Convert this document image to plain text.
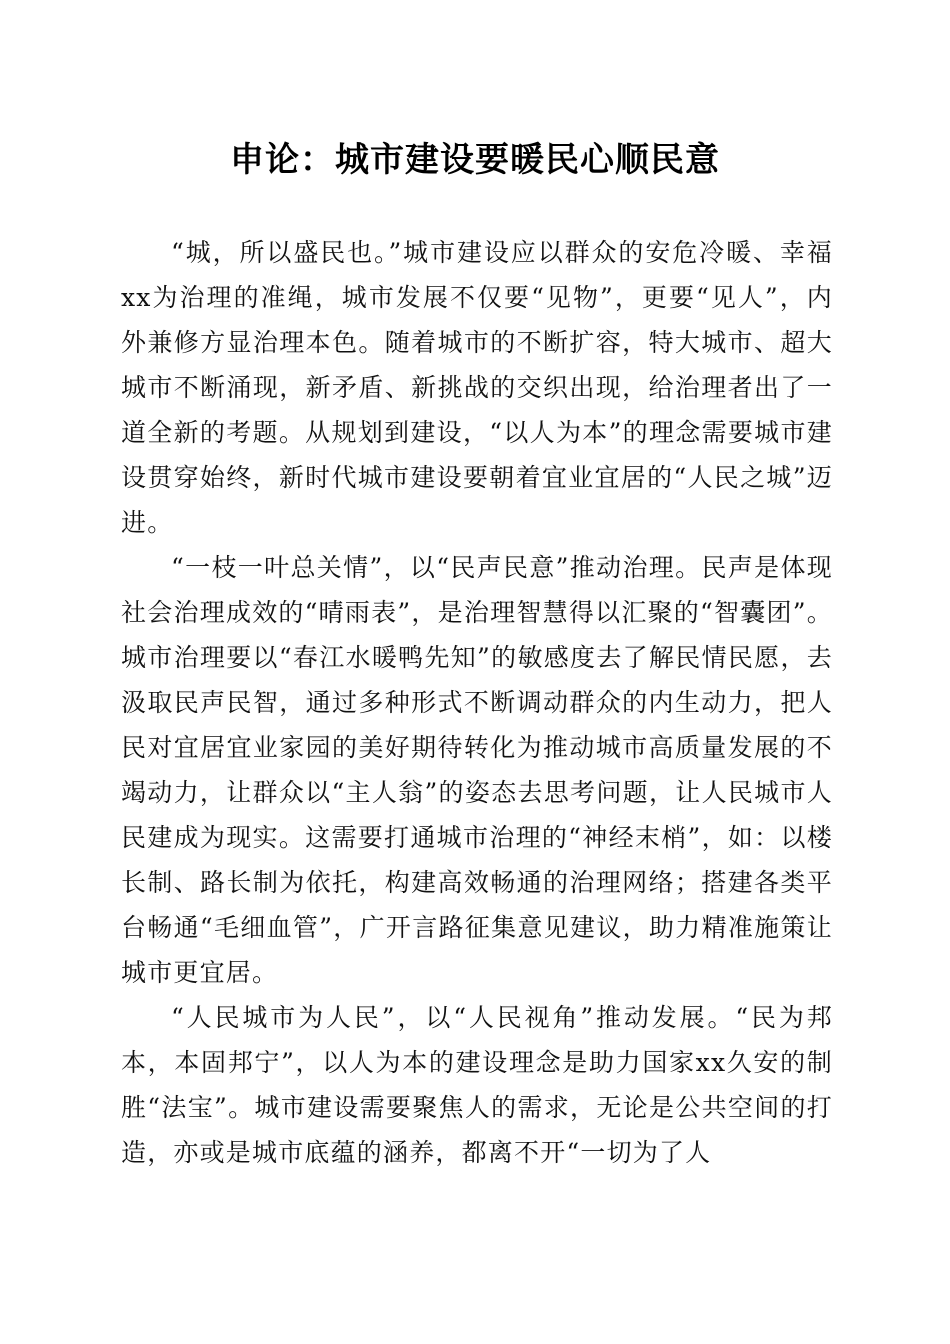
申论：城市建设要暖民心顺民意

“城，所以盛民也。”城市建设应以群众的安危冷暖、幸福xx为治理的准绳，城市发展不仅要“见物”，更要“见人”，内外兼修方显治理本色。随着城市的不断扩容，特大城市、超大城市不断涌现，新矛盾、新挑战的交织出现，给治理者出了一道全新的考题。从规划到建设，“以人为本”的理念需要城市建设贯穿始终，新时代城市建设要朝着宜业宜居的“人民之城”迈进。

“一枝一叶总关情”，以“民声民意”推动治理。民声是体现社会治理成效的“晴雨表”，是治理智慧得以汇聚的“智囊团”。城市治理要以“春江水暖鸭先知”的敏感度去了解民情民愿，去汲取民声民智，通过多种形式不断调动群众的内生动力，把人民对宜居宜业家园的美好期待转化为推动城市高质量发展的不竭动力，让群众以“主人翁”的姿态去思考问题，让人民城市人民建成为现实。这需要打通城市治理的“神经末梢”，如：以楼长制、路长制为依托，构建高效畅通的治理网络；搭建各类平台畅通“毛细血管”，广开言路征集意见建议，助力精准施策让城市更宜居。

“人民城市为人民”，以“人民视角”推动发展。“民为邦本，本固邦宁”，以人为本的建设理念是助力国家xx久安的制胜“法宝”。城市建设需要聚焦人的需求，无论是公共空间的打造，亦或是城市底蕴的涵养，都离不开“一切为了人
